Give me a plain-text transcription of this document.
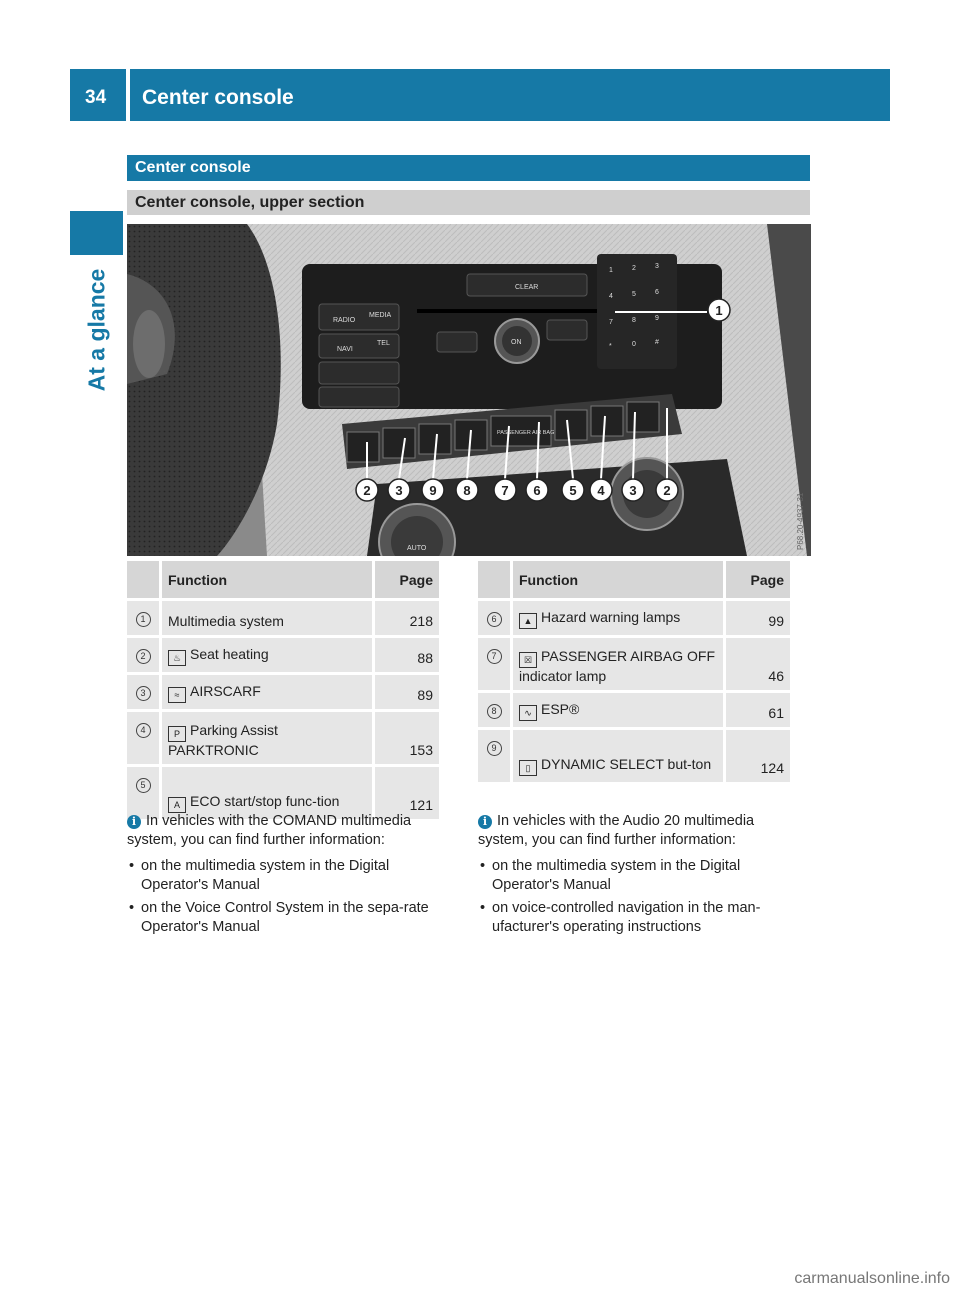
34 Center console
At a glance
Center console
Center console, upper section
RADIO
MEDIA
NAVI
TEL
CLEAR
ON
1	2	3
4	5	6
7	8	9
*	0	#
PASSENGER AIR BAG
AUTO	P68.20-4937-31
1
2 3 9 8 7 6 5 4 3 2
	Function	Page
1	Multimedia system	218
2	♨ Seat heating	88
3	≈ AIRSCARF	89
4	P Parking Assist PARKTRONIC	153
5	A ECO start/stop func-tion	121
	Function	Page
6	▲ Hazard warning lamps	99
7	☒ PASSENGER AIRBAG OFF indicator lamp	46
8	∿ ESP®	61
9	▯ DYNAMIC SELECT but-ton	124
i In vehicles with the COMAND multimedia system, you can find further information:
• on the multimedia system in the Digital Operator's Manual
• on the Voice Control System in the sepa-rate Operator's Manual
i In vehicles with the Audio 20 multimedia system, you can find further information:
• on the multimedia system in the Digital Operator's Manual
• on voice-controlled navigation in the man-ufacturer's operating instructions
carmanualsonline.info
